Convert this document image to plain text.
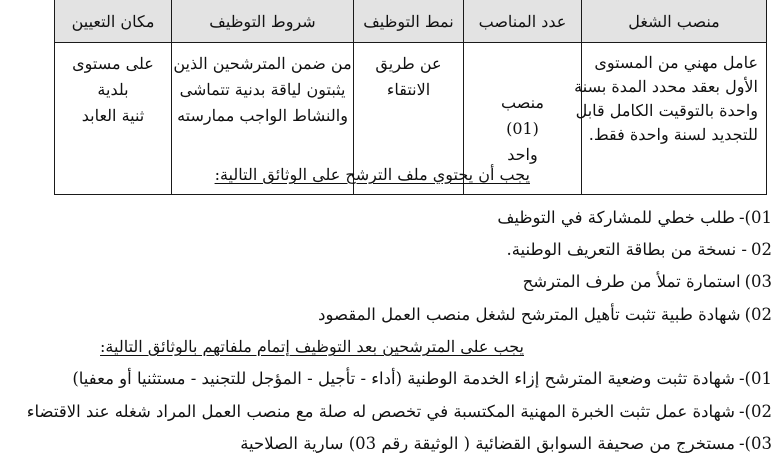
منصب الشغل	عدد المناصب	نمط التوظيف	شروط التوظيف	مكان التعيين

عامل مهني من المستوى
الأول بعقد محدد المدة بسنة
واحدة بالتوقيت الكامل قابل
للتجديد لسنة واحدة فقط.	منصب
(01)
واحد	عن طريق
الانتقاء	من ضمن المترشحين الذين
يثبتون لياقة بدنية تتماشى
والنشاط الواجب ممارسته	على مستوى
بلدية
ثنية العابد
يجب أن يحتوي ملف الترشح على الوثائق التالية:
01)-طلب خطي للمشاركة في التوظيف
02- نسخة من بطاقة التعريف الوطنية.
03)استمارة تملأ من طرف المترشح
02)شهادة طبية تثبت تأهيل المترشح لشغل منصب العمل المقصود
يجب على المترشحين بعد التوظيف إتمام ملفاتهم بالوثائق التالية:
01)-شهادة تثبت وضعية المترشح إزاء الخدمة الوطنية (أداء - تأجيل - المؤجل للتجنيد - مستثنيا أو معفيا)
02)-شهادة عمل تثبت الخبرة المهنية المكتسبة في تخصص له صلة مع منصب العمل المراد شغله عند الاقتضاء
03)-مستخرج من صحيفة السوابق القضائية ( الوثيقة رقم 03) سارية الصلاحية
